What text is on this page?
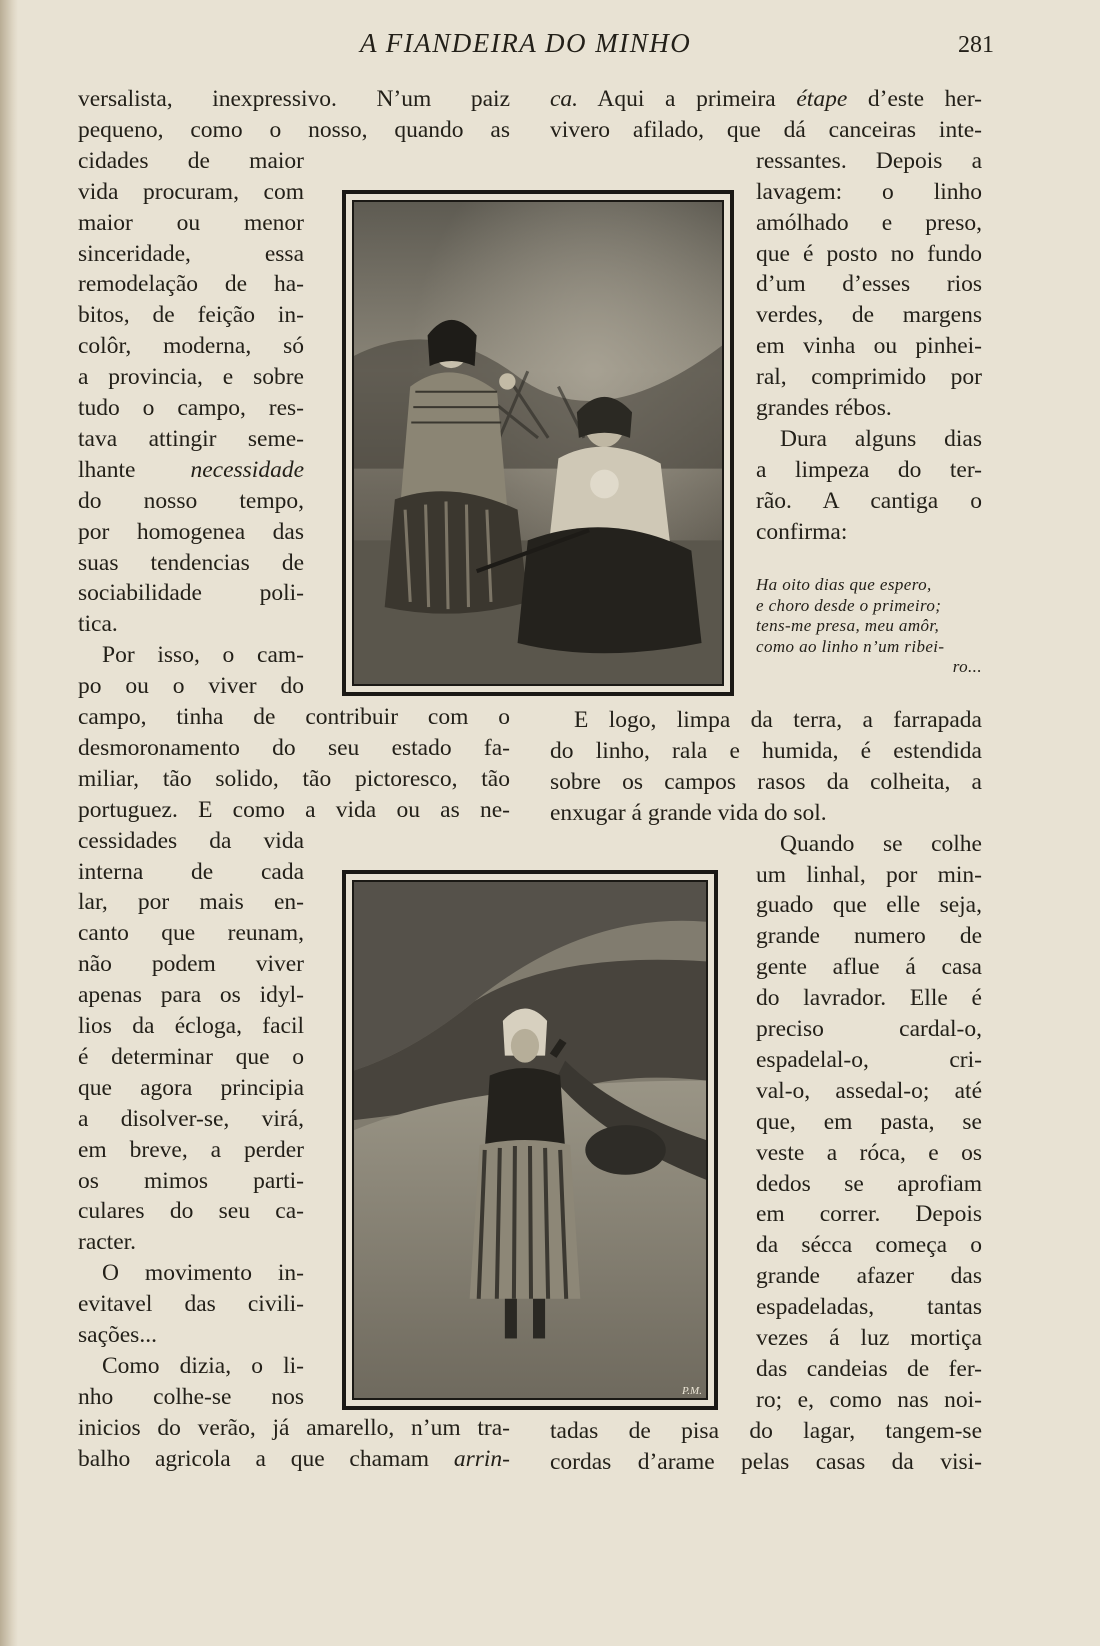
A FIANDEIRA DO MINHO	281
versalista, inexpressivo. N’um paiz
pequeno, como o nosso, quando as
cidades de maior
vida procuram, com
maior ou menor
sinceridade, essa
remodelação de ha-
bitos, de feição in-
colôr, moderna, só
a provincia, e sobre
tudo o campo, res-
tava attingir seme-
lhante necessidade
do nosso tempo,
por homogenea das
suas tendencias de
sociabilidade poli-
tica.
Por isso, o cam-
po ou o viver do
campo, tinha de contribuir com o
desmoronamento do seu estado fa-
miliar, tão solido, tão pictoresco, tão
portuguez. E como a vida ou as ne-
cessidades da vida
interna de cada
lar, por mais en-
canto que reunam,
não podem viver
apenas para os idyl-
lios da écloga, facil
é determinar que o
que agora principia
a disolver-se, virá,
em breve, a perder
os mimos parti-
culares do seu ca-
racter.
O movimento in-
evitavel das civili-
sações...
Como dizia, o li-
nho colhe-se nos
inicios do verão, já amarello, n’um tra-
balho agricola a que chamam arrin-
ca. Aqui a primeira étape d’este her-
vivero afilado, que dá canceiras inte-
ressantes. Depois a
lavagem: o linho
amólhado e preso,
que é posto no fundo
d’um d’esses rios
verdes, de margens
em vinha ou pinhei-
ral, comprimido por
grandes rébos.
Dura alguns dias
a limpeza do ter-
rão. A cantiga o
confirma:
Ha oito dias que espero,
e choro desde o primeiro;
tens-me presa, meu amôr,
como ao linho n’um ribei-
ro...
E logo, limpa da terra, a farrapada
do linho, rala e humida, é estendida
sobre os campos rasos da colheita, a
enxugar á grande vida do sol.
Quando se colhe
um linhal, por min-
guado que elle seja,
grande numero de
gente aflue á casa
do lavrador. Elle é
preciso cardal-o,
espadelal-o, cri-
val-o, assedal-o; até
que, em pasta, se
veste a róca, e os
dedos se aprofiam
em correr. Depois
da sécca começa o
grande afazer das
espadeladas, tantas
vezes á luz mortiça
das candeias de fer-
ro; e, como nas noi-
tadas de pisa do lagar, tangem-se
cordas d’arame pelas casas da visi-
P.M.
